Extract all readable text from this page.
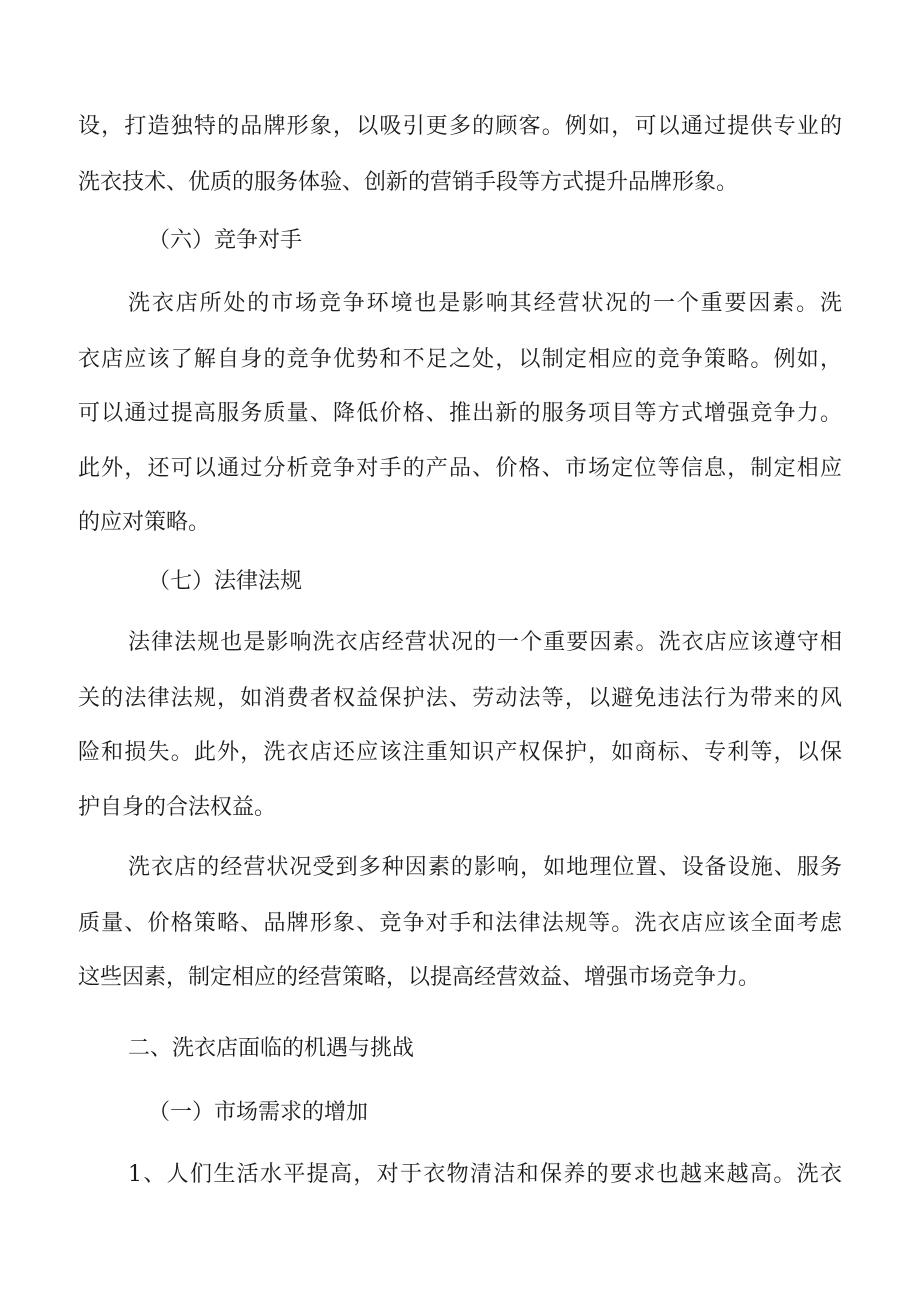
设，打造独特的品牌形象，以吸引更多的顾客。例如，可以通过提供专业的
洗衣技术、优质的服务体验、创新的营销手段等方式提升品牌形象。
（六）竞争对手
洗衣店所处的市场竞争环境也是影响其经营状况的一个重要因素。洗
衣店应该了解自身的竞争优势和不足之处，以制定相应的竞争策略。例如，
可以通过提高服务质量、降低价格、推出新的服务项目等方式增强竞争力。
此外，还可以通过分析竞争对手的产品、价格、市场定位等信息，制定相应
的应对策略。
（七）法律法规
法律法规也是影响洗衣店经营状况的一个重要因素。洗衣店应该遵守相
关的法律法规，如消费者权益保护法、劳动法等，以避免违法行为带来的风
险和损失。此外，洗衣店还应该注重知识产权保护，如商标、专利等，以保
护自身的合法权益。
洗衣店的经营状况受到多种因素的影响，如地理位置、设备设施、服务
质量、价格策略、品牌形象、竞争对手和法律法规等。洗衣店应该全面考虑
这些因素，制定相应的经营策略，以提高经营效益、增强市场竞争力。
二、洗衣店面临的机遇与挑战
（一）市场需求的增加
1、人们生活水平提高，对于衣物清洁和保养的要求也越来越高。洗衣
